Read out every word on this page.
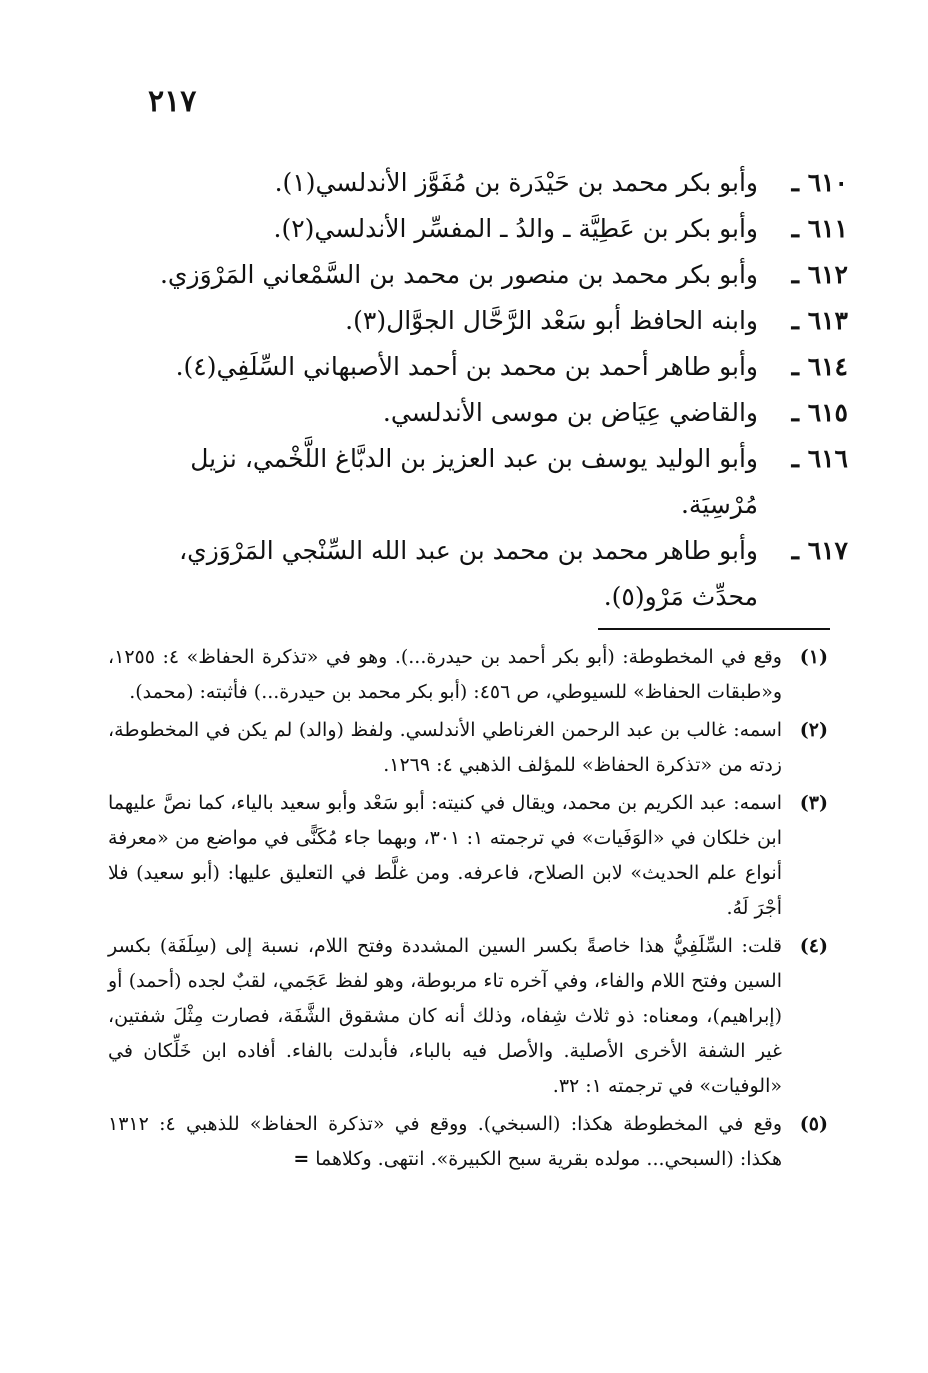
٢١٧
٦١٠ ـ
وأبو بكر محمد بن حَيْدَرة بن مُفَوَّز الأندلسي(١).
٦١١ ـ
وأبو بكر بن عَطِيَّة ـ والدُ ـ المفسِّر الأندلسي(٢).
٦١٢ ـ
وأبو بكر محمد بن منصور بن محمد بن السَّمْعاني المَرْوَزي.
٦١٣ ـ
وابنه الحافظ أبو سَعْد الرَّحَّال الجوَّال(٣).
٦١٤ ـ
وأبو طاهر أحمد بن محمد بن أحمد الأصبهاني السِّلَفِي(٤).
٦١٥ ـ
والقاضي عِيَاض بن موسى الأندلسي.
٦١٦ ـ
وأبو الوليد يوسف بن عبد العزيز بن الدبَّاغ اللَّخْمي، نزيل مُرْسِيَة.
٦١٧ ـ
وأبو طاهر محمد بن محمد بن عبد الله السِّنْجي المَرْوَزي، محدِّث مَرْو(٥).
(١)
وقع في المخطوطة: (أبو بكر أحمد بن حيدرة...). وهو في «تذكرة الحفاظ» ٤: ١٢٥٥، و«طبقات الحفاظ» للسيوطي، ص ٤٥٦: (أبو بكر محمد بن حيدرة...) فأثبته: (محمد).
(٢)
اسمه: غالب بن عبد الرحمن الغرناطي الأندلسي. ولفظ (والد) لم يكن في المخطوطة، زدته من «تذكرة الحفاظ» للمؤلف الذهبي ٤: ١٢٦٩.
(٣)
اسمه: عبد الكريم بن محمد، ويقال في كنيته: أبو سَعْد وأبو سعيد بالياء، كما نصَّ عليهما ابن خلكان في «الوَفَيات» في ترجمته ١: ٣٠١، وبهما جاء مُكَنًّى في مواضع من «معرفة أنواع علم الحديث» لابن الصلاح، فاعرفه. ومن غلَّط في التعليق عليها: (أبو سعيد) فلا أجْرَ لَهُ.
(٤)
قلت: السِّلَفِيُّ هذا خاصةً بكسر السين المشددة وفتح اللام، نسبة إلى (سِلَفَة) بكسر السين وفتح اللام والفاء، وفي آخره تاء مربوطة، وهو لفظ عَجَمي، لقبٌ لجده (أحمد) أو (إبراهيم)، ومعناه: ذو ثلاث شِفاه، وذلك أنه كان مشقوق الشَّفَة، فصارت مِثْلَ شفتين، غير الشفة الأخرى الأصلية. والأصل فيه بالباء، فأبدلت بالفاء. أفاده ابن خَلِّكان في «الوفيات» في ترجمته ١: ٣٢.
(٥)
وقع في المخطوطة هكذا: (السبخي). ووقع في «تذكرة الحفاظ» للذهبي ٤: ١٣١٢ هكذا: (السبحي... مولده بقرية سبح الكبيرة». انتهى. وكلاهما=
